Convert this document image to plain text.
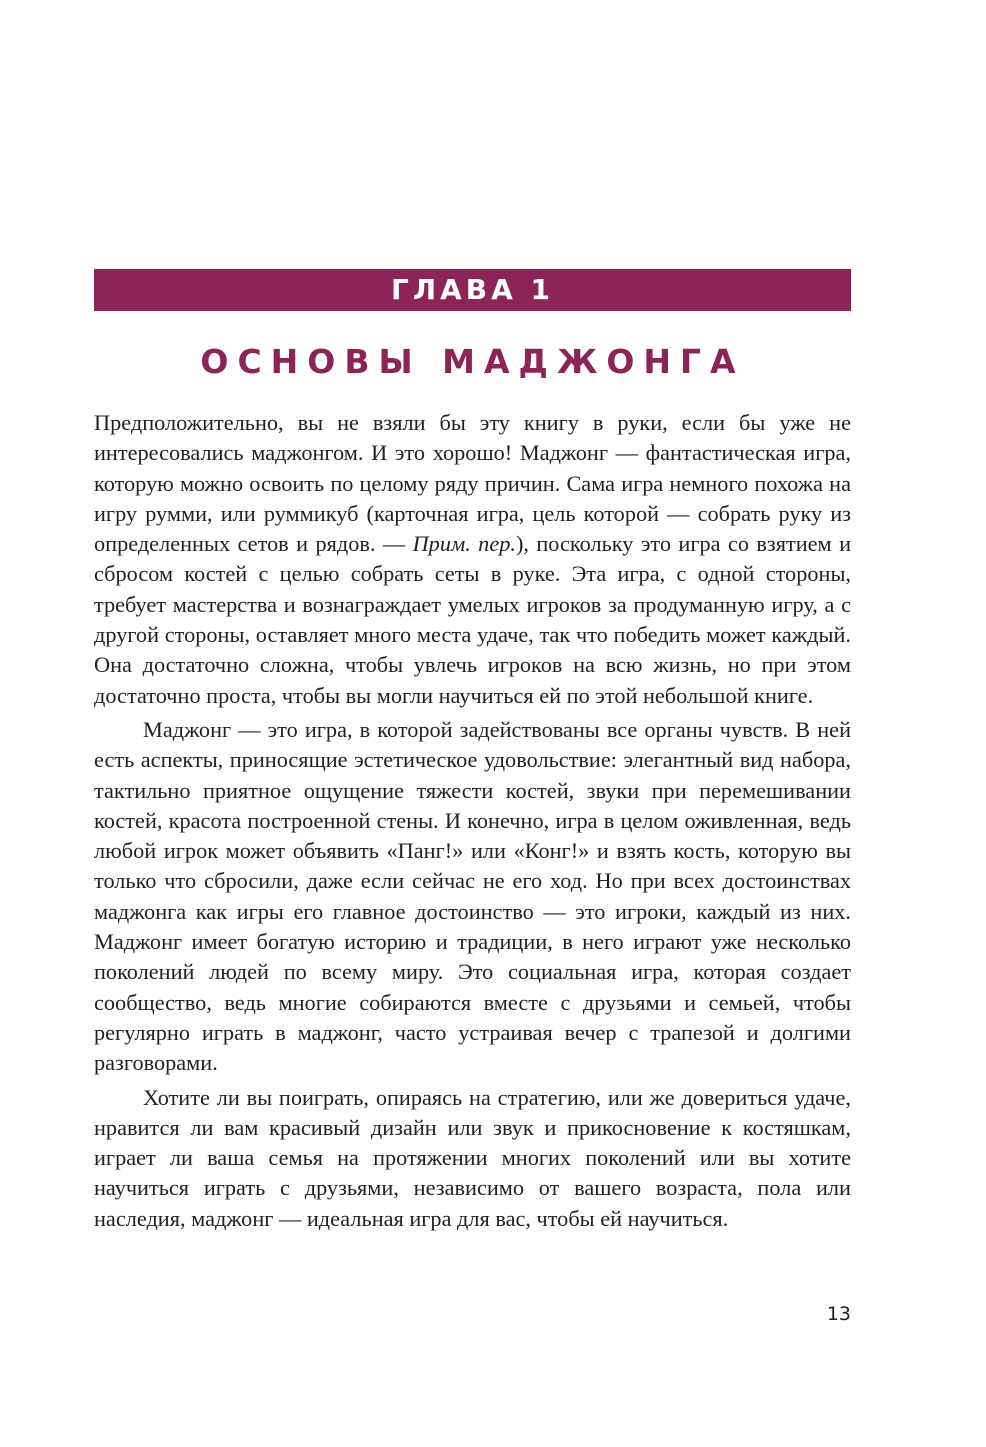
ГЛАВА 1
ОСНОВЫ МАДЖОНГА

Предположительно, вы не взяли бы эту книгу в руки, если бы уже не интересовались маджонгом. И это хорошо! Маджонг — фантастическая игра, которую можно освоить по целому ряду причин. Сама игра немного похожа на игру румми, или руммикуб (карточная игра, цель которой — собрать руку из определенных сетов и рядов. — Прим. пер.), поскольку это игра со взятием и сбросом костей с целью собрать сеты в руке. Эта игра, с одной стороны, требует мастерства и вознаграждает умелых игроков за продуманную игру, а с другой стороны, оставляет много места удаче, так что победить может каждый. Она достаточно сложна, чтобы увлечь игроков на всю жизнь, но при этом достаточно проста, чтобы вы могли научиться ей по этой небольшой книге.

Маджонг — это игра, в которой задействованы все органы чувств. В ней есть аспекты, приносящие эстетическое удовольствие: элегантный вид набора, тактильно приятное ощущение тяжести костей, звуки при перемешивании костей, красота построенной стены. И конечно, игра в целом оживленная, ведь любой игрок может объявить «Панг!» или «Конг!» и взять кость, которую вы только что сбросили, даже если сейчас не его ход. Но при всех достоинствах маджонга как игры его главное достоинство — это игроки, каждый из них. Маджонг имеет богатую историю и традиции, в него играют уже несколько поколений людей по всему миру. Это социальная игра, которая создает сообщество, ведь многие собираются вместе с друзьями и семьей, чтобы регулярно играть в маджонг, часто устраивая вечер с трапезой и долгими разговорами.

Хотите ли вы поиграть, опираясь на стратегию, или же довериться удаче, нравится ли вам красивый дизайн или звук и прикосновение к костяшкам, играет ли ваша семья на протяжении многих поколений или вы хотите научиться играть с друзьями, независимо от вашего возраста, пола или наследия, маджонг — идеальная игра для вас, чтобы ей научиться.

13
